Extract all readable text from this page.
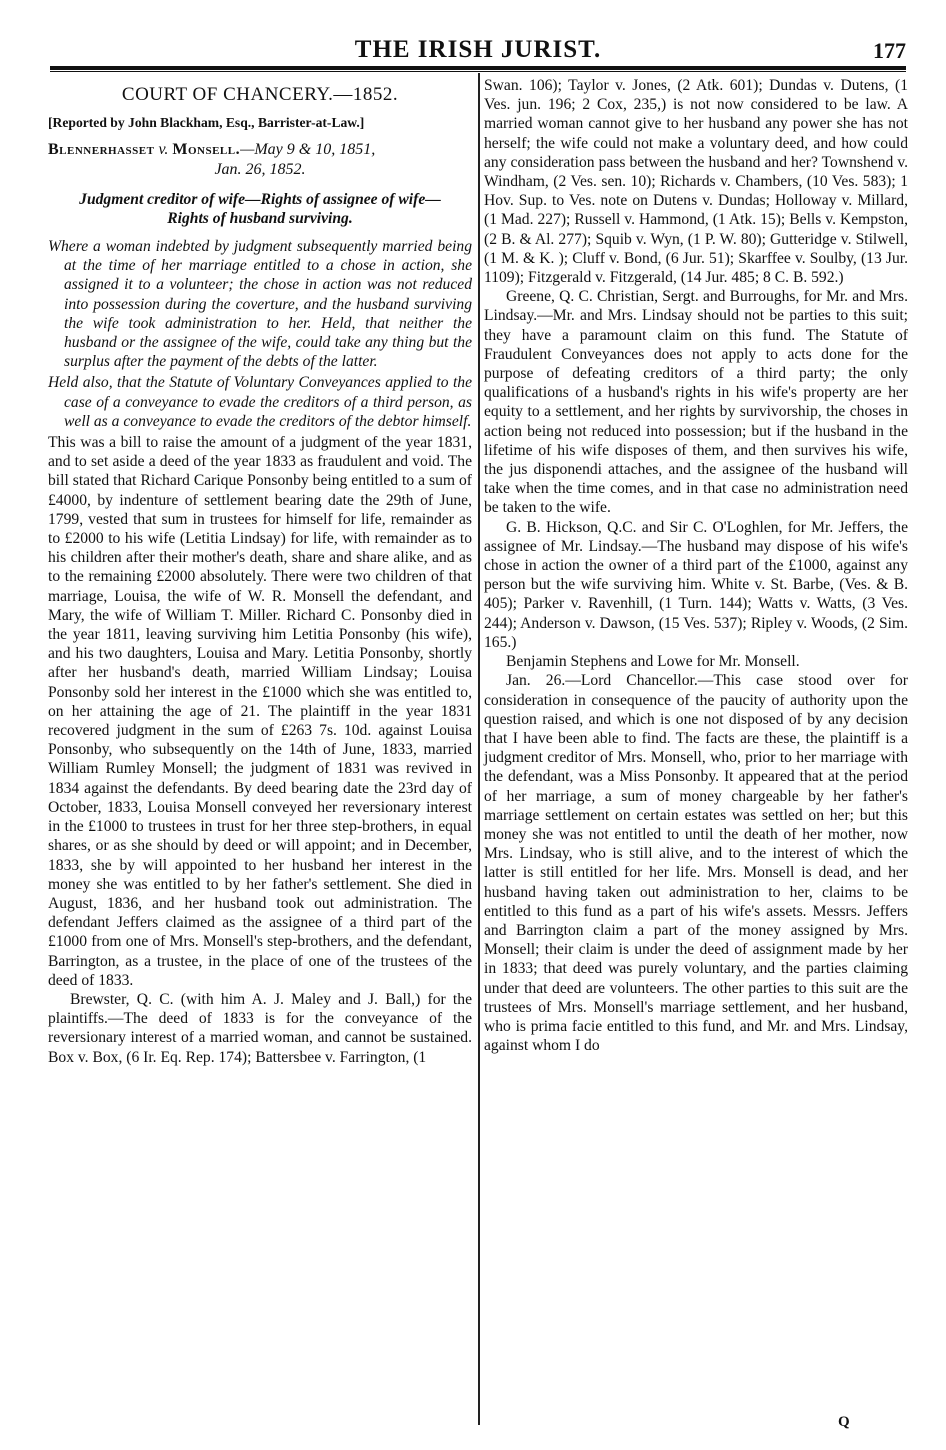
THE IRISH JURIST.	177

COURT OF CHANCERY.—1852.

[Reported by John Blackham, Esq., Barrister-at-Law.]

Blennerhasset v. Monsell.—May 9 & 10, 1851,

Jan. 26, 1852.

Judgment creditor of wife—Rights of assignee of wife—Rights of husband surviving.

Where a woman indebted by judgment subsequently married being at the time of her marriage entitled to a chose in action, she assigned it to a volunteer; the chose in action was not reduced into possession during the coverture, and the husband surviving the wife took administration to her. Held, that neither the husband or the assignee of the wife, could take any thing but the surplus after the payment of the debts of the latter.

Held also, that the Statute of Voluntary Conveyances applied to the case of a conveyance to evade the creditors of a third person, as well as a conveyance to evade the creditors of the debtor himself.

This was a bill to raise the amount of a judgment of the year 1831, and to set aside a deed of the year 1833 as fraudulent and void. The bill stated that Richard Carique Ponsonby being entitled to a sum of £4000, by indenture of settlement bearing date the 29th of June, 1799, vested that sum in trustees for himself for life, remainder as to £2000 to his wife (Letitia Lindsay) for life, with remainder as to his children after their mother's death, share and share alike, and as to the remaining £2000 absolutely. There were two children of that marriage, Louisa, the wife of W. R. Monsell the defendant, and Mary, the wife of William T. Miller. Richard C. Ponsonby died in the year 1811, leaving surviving him Letitia Ponsonby (his wife), and his two daughters, Louisa and Mary. Letitia Ponsonby, shortly after her husband's death, married William Lindsay; Louisa Ponsonby sold her interest in the £1000 which she was entitled to, on her attaining the age of 21. The plaintiff in the year 1831 recovered judgment in the sum of £263 7s. 10d. against Louisa Ponsonby, who subsequently on the 14th of June, 1833, married William Rumley Monsell; the judgment of 1831 was revived in 1834 against the defendants. By deed bearing date the 23rd day of October, 1833, Louisa Monsell conveyed her reversionary interest in the £1000 to trustees in trust for her three step-brothers, in equal shares, or as she should by deed or will appoint; and in December, 1833, she by will appointed to her husband her interest in the money she was entitled to by her father's settlement. She died in August, 1836, and her husband took out administration. The defendant Jeffers claimed as the assignee of a third part of the £1000 from one of Mrs. Monsell's step-brothers, and the defendant, Barrington, as a trustee, in the place of one of the trustees of the deed of 1833.

Brewster, Q. C. (with him A. J. Maley and J. Ball,) for the plaintiffs.—The deed of 1833 is for the conveyance of the reversionary interest of a married woman, and cannot be sustained. Box v. Box, (6 Ir. Eq. Rep. 174); Battersbee v. Farrington, (1

Swan. 106); Taylor v. Jones, (2 Atk. 601); Dundas v. Dutens, (1 Ves. jun. 196; 2 Cox, 235,) is not now considered to be law. A married woman cannot give to her husband any power she has not herself; the wife could not make a voluntary deed, and how could any consideration pass between the husband and her? Townshend v. Windham, (2 Ves. sen. 10); Richards v. Chambers, (10 Ves. 583); 1 Hov. Sup. to Ves. note on Dutens v. Dundas; Holloway v. Millard, (1 Mad. 227); Russell v. Hammond, (1 Atk. 15); Bells v. Kempston, (2 B. & Al. 277); Squib v. Wyn, (1 P. W. 80); Gutteridge v. Stilwell, (1 M. & K. ); Cluff v. Bond, (6 Jur. 51); Skarffee v. Soulby, (13 Jur. 1109); Fitzgerald v. Fitzgerald, (14 Jur. 485; 8 C. B. 592.)

Greene, Q. C. Christian, Sergt. and Burroughs, for Mr. and Mrs. Lindsay.—Mr. and Mrs. Lindsay should not be parties to this suit; they have a paramount claim on this fund. The Statute of Fraudulent Conveyances does not apply to acts done for the purpose of defeating creditors of a third party; the only qualifications of a husband's rights in his wife's property are her equity to a settlement, and her rights by survivorship, the choses in action being not reduced into possession; but if the husband in the lifetime of his wife disposes of them, and then survives his wife, the jus disponendi attaches, and the assignee of the husband will take when the time comes, and in that case no administration need be taken to the wife.

G. B. Hickson, Q.C. and Sir C. O'Loghlen, for Mr. Jeffers, the assignee of Mr. Lindsay.—The husband may dispose of his wife's chose in action the owner of a third part of the £1000, against any person but the wife surviving him. White v. St. Barbe, (Ves. & B. 405); Parker v. Ravenhill, (1 Turn. 144); Watts v. Watts, (3 Ves. 244); Anderson v. Dawson, (15 Ves. 537); Ripley v. Woods, (2 Sim. 165.)

Benjamin Stephens and Lowe for Mr. Monsell.

Jan. 26.—Lord Chancellor.—This case stood over for consideration in consequence of the paucity of authority upon the question raised, and which is one not disposed of by any decision that I have been able to find. The facts are these, the plaintiff is a judgment creditor of Mrs. Monsell, who, prior to her marriage with the defendant, was a Miss Ponsonby. It appeared that at the period of her marriage, a sum of money chargeable by her father's marriage settlement on certain estates was settled on her; but this money she was not entitled to until the death of her mother, now Mrs. Lindsay, who is still alive, and to the interest of which the latter is still entitled for her life. Mrs. Monsell is dead, and her husband having taken out administration to her, claims to be entitled to this fund as a part of his wife's assets. Messrs. Jeffers and Barrington claim a part of the money assigned by Mrs. Monsell; their claim is under the deed of assignment made by her in 1833; that deed was purely voluntary, and the parties claiming under that deed are volunteers. The other parties to this suit are the trustees of Mrs. Monsell's marriage settlement, and her husband, who is prima facie entitled to this fund, and Mr. and Mrs. Lindsay, against whom I do

Q
